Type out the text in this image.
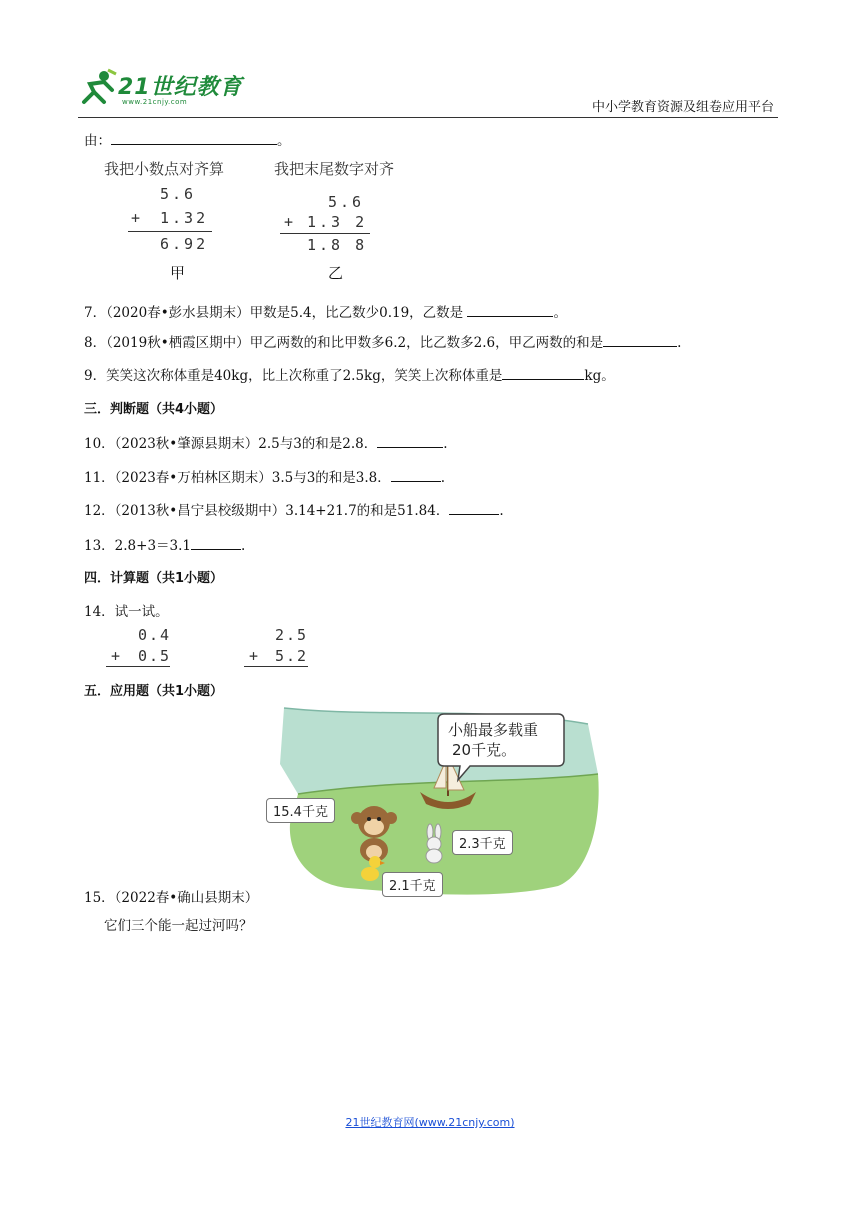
21世纪教育
www.21cnjy.com	中小学教育资源及组卷应用平台
由：	。
我把小数点对齐算	我把末尾数字对齐
5.6
+ 1.32
6.92
甲
5.6
+ 1.3 2
1.8 8
乙
7．（2020春•彭水县期末）甲数是5.4，比乙数少0.19，乙数是	。
8．（2019秋•栖霞区期中）甲乙两数的和比甲数多6.2，比乙数多2.6，甲乙两数的和是	.
9．笑笑这次称体重是40kg，比上次称重了2.5kg，笑笑上次称体重是	kg。
三．判断题（共4小题）
10．（2023秋•肇源县期末）2.5与3的和是2.8．	.
11．（2023春•万柏林区期末）3.5与3的和是3.8．	.
12．（2013秋•昌宁县校级期中）3.14+21.7的和是51.84．	.
13．2.8+3＝3.1	.
四．计算题（共1小题）
14．试一试。
0.4
+ 0.5
2.5
+ 5.2
五．应用题（共1小题）
小船最多载重
20千克。
15.4千克
2.3千克
2.1千克
15．（2022春•确山县期末）
它们三个能一起过河吗？
21世纪教育网(www.21cnjy.com)
